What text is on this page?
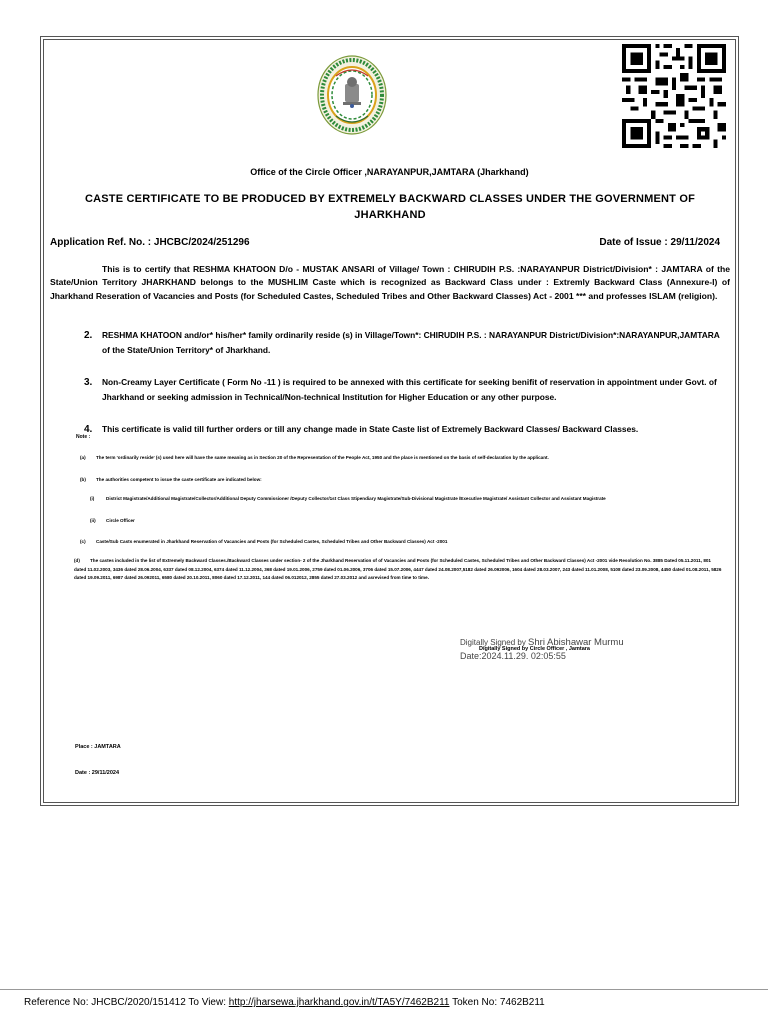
Office of the Circle Officer ,NARAYANPUR,JAMTARA (Jharkhand)
CASTE CERTIFICATE TO BE PRODUCED BY EXTREMELY BACKWARD CLASSES UNDER THE GOVERNMENT OF JHARKHAND
Application Ref. No. : JHCBC/2024/251296	Date of Issue : 29/11/2024

This is to certify that RESHMA KHATOON D/o - MUSTAK ANSARI of Village/ Town : CHIRUDIH P.S. :NARAYANPUR District/Division* : JAMTARA of the State/Union Territory JHARKHAND belongs to the MUSHLIM Caste which is recognized as Backward Class under : Extremly Backward Class (Annexure-I) of Jharkhand Reseration of Vacancies and Posts (for Scheduled Castes, Scheduled Tribes and Other Backward Classes) Act - 2001 *** and professes ISLAM (religion).

2.	RESHMA KHATOON and/or* his/her* family ordinarily reside (s) in Village/Town*: CHIRUDIH P.S. : NARAYANPUR District/Division*:NARAYANPUR,JAMTARA of the State/Union Territory* of Jharkhand.
3.	Non-Creamy Layer Certificate ( Form No -11 ) is required to be annexed with this certificate for seeking benifit of reservation in appointment under Govt. of Jharkhand or seeking admission in Technical/Non-technical Institution for Higher Education or any other purpose.
4.	This certificate is valid till further orders or till any change made in State Caste list of Extremely Backward Classes/ Backward Classes.
Note :
(a) The term 'ordinarily reside' (s) used here will have the same meaning as in Section 20 of the Representation of the People Act, 1950 and the place is mentioned on the basis of self-declaration by the applicant.
(b) The authorities competent to issue the caste certificate are indicated below:
(i)	District Magistrate/Additional Magistrate/Collector/Additional Deputy Commissioner /Deputy Collector/1st Class Stipendiary Magistrate/Sub-Divisional Magistrate /Executive Magistrate/ Assistant Collector and Assistant Magistrate
(ii) Circle Officer
(c) Caste/Sub Casts enumerated in Jharkhand Reservation of Vacancies and Posts (for Scheduled Castes, Scheduled Tribes and Other Backward Classes) Act -2001
(d) The castes included in the list of Extremely Backward Classes./Backward Classes under section- 2 of the Jharkhand Reservation of of Vacancies and Posts (for Scheduled Castes, Scheduled Tribes and Other Backward Classes) Act -2001 vide Resolution No. 3885 Dated 05.11.2011, 801 dated 11.02.2003, 3436 dated 28.06.2004, 6337 dated 08.12.2004, 6374 dated 11.12.2004, 368 dated 19.01.2006, 2759 dated 01.06.2006, 3706 dated 15.07.2006, 4447 dated 24.08.2007,5182 dated 26.092006, 1604 dated 28.03.2007, 243 dated 11.01.2008, 5108 dated 23.09.2008, 4450 dated 01.08.2011, 5826 dated 19.09.2011, 6987 dated 26.092011, 6580 dated 20.10.2011, 8060 dated 17.12.2011, 144 dated 06.012012, 2855 dated 27.03.2012 and asrevised from time to time.
Digitally Signed by Shri Abishawar Murmu
Digitally Signed by Circle Officer , Jamtara
Date:2024.11.29. 02:05:55
Place : JAMTARA
Date : 29/11/2024
Reference No: JHCBC/2020/151412 To View: http://jharsewa.jharkhand.gov.in/t/TA5Y/7462B211 Token No: 7462B211
